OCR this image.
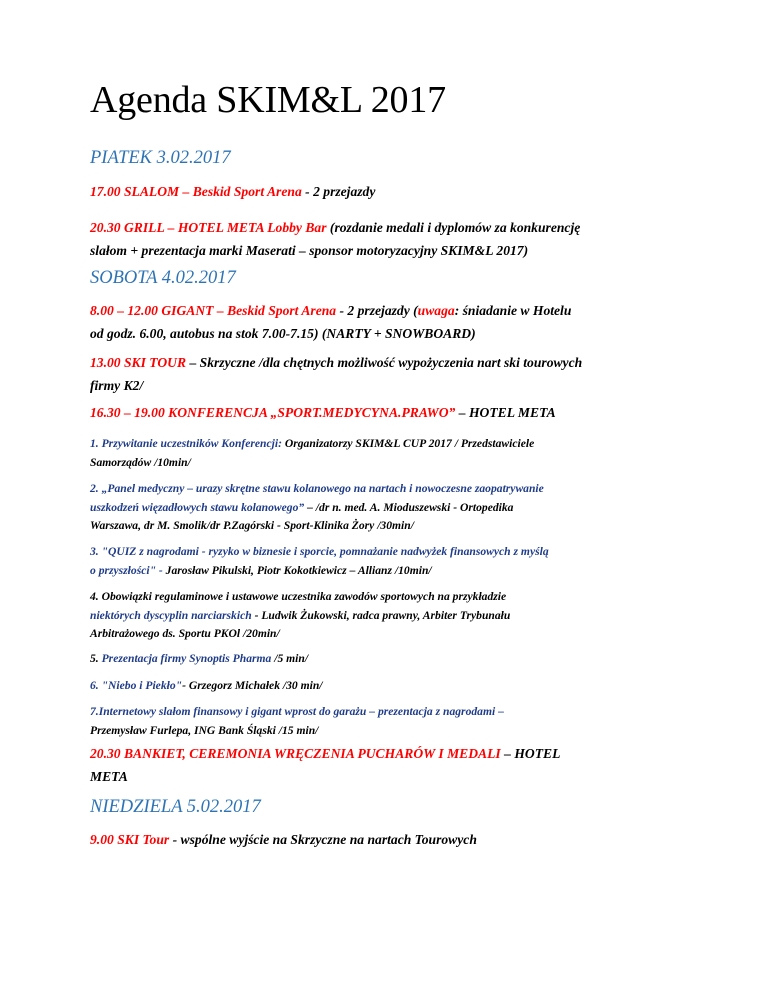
Agenda SKIM&L 2017
PIATEK 3.02.2017

17.00 SLALOM – Beskid Sport Arena - 2 przejazdy

20.30 GRILL – HOTEL META Lobby Bar (rozdanie medali i dyplomów za konkurencję
slałom + prezentacja marki Maserati – sponsor motoryzacyjny SKIM&L 2017)

SOBOTA 4.02.2017

8.00 – 12.00 GIGANT – Beskid Sport Arena - 2 przejazdy (uwaga: śniadanie w Hotelu
od godz. 6.00, autobus na stok 7.00-7.15) (NARTY + SNOWBOARD)

13.00 SKI TOUR – Skrzyczne /dla chętnych możliwość wypożyczenia nart ski tourowych
firmy K2/

16.30 – 19.00 KONFERENCJA „SPORT.MEDYCYNA.PRAWO” – HOTEL META

1. Przywitanie uczestników Konferencji: Organizatorzy SKIM&L CUP 2017 / Przedstawiciele
Samorządów /10min/

2. „Panel medyczny – urazy skrętne stawu kolanowego na nartach i nowoczesne zaopatrywanie
uszkodzeń więzadłowych stawu kolanowego” – /dr n. med. A. Mioduszewski - Ortopedika
Warszawa, dr M. Smolik/dr P.Zagórski - Sport-Klinika Żory /30min/

3. "QUIZ z nagrodami - ryzyko w biznesie i sporcie, pomnażanie nadwyżek finansowych z myślą
o przyszłości" - Jarosław Pikulski, Piotr Kokotkiewicz – Allianz /10min/

4. Obowiązki regulaminowe i ustawowe uczestnika zawodów sportowych na przykładzie
niektórych dyscyplin narciarskich - Ludwik Żukowski, radca prawny, Arbiter Trybunału
Arbitrażowego ds. Sportu PKOl /20min/

5. Prezentacja firmy Synoptis Pharma /5 min/

6. "Niebo i Piekło"- Grzegorz Michałek /30 min/

7.Internetowy slałom finansowy i gigant wprost do garażu – prezentacja z nagrodami –
Przemysław Furlepa, ING Bank Śląski /15 min/

20.30 BANKIET, CEREMONIA WRĘCZENIA PUCHARÓW I MEDALI – HOTEL
META

NIEDZIELA 5.02.2017

9.00 SKI Tour - wspólne wyjście na Skrzyczne na nartach Tourowych
